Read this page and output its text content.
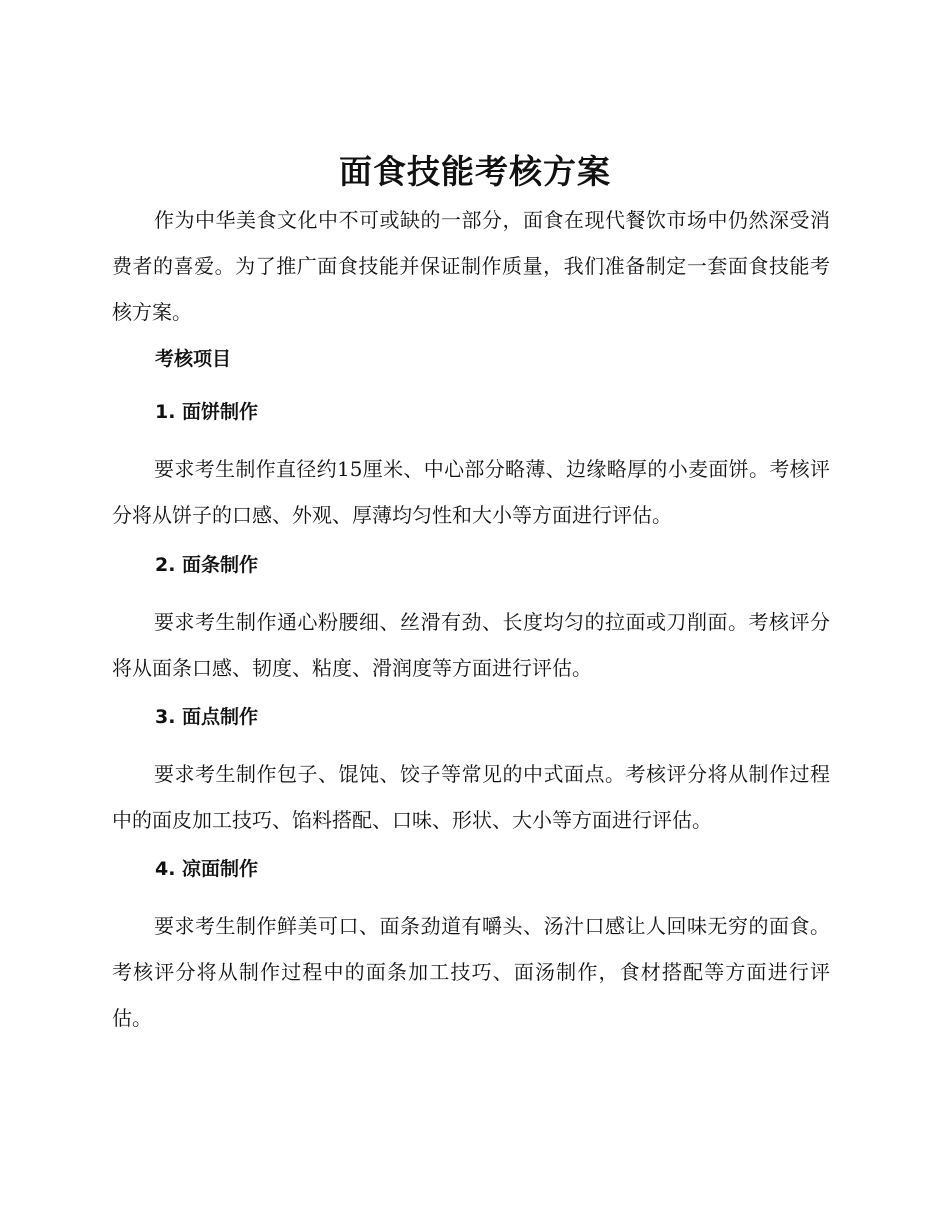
面食技能考核方案

作为中华美食文化中不可或缺的一部分，面食在现代餐饮市场中仍然深受消费者的喜爱。为了推广面食技能并保证制作质量，我们准备制定一套面食技能考核方案。

考核项目
1. 面饼制作

要求考生制作直径约15厘米、中心部分略薄、边缘略厚的小麦面饼。考核评分将从饼子的口感、外观、厚薄均匀性和大小等方面进行评估。

2. 面条制作

要求考生制作通心粉腰细、丝滑有劲、长度均匀的拉面或刀削面。考核评分将从面条口感、韧度、粘度、滑润度等方面进行评估。

3. 面点制作

要求考生制作包子、馄饨、饺子等常见的中式面点。考核评分将从制作过程中的面皮加工技巧、馅料搭配、口味、形状、大小等方面进行评估。

4. 凉面制作

要求考生制作鲜美可口、面条劲道有嚼头、汤汁口感让人回味无穷的面食。考核评分将从制作过程中的面条加工技巧、面汤制作，食材搭配等方面进行评估。
